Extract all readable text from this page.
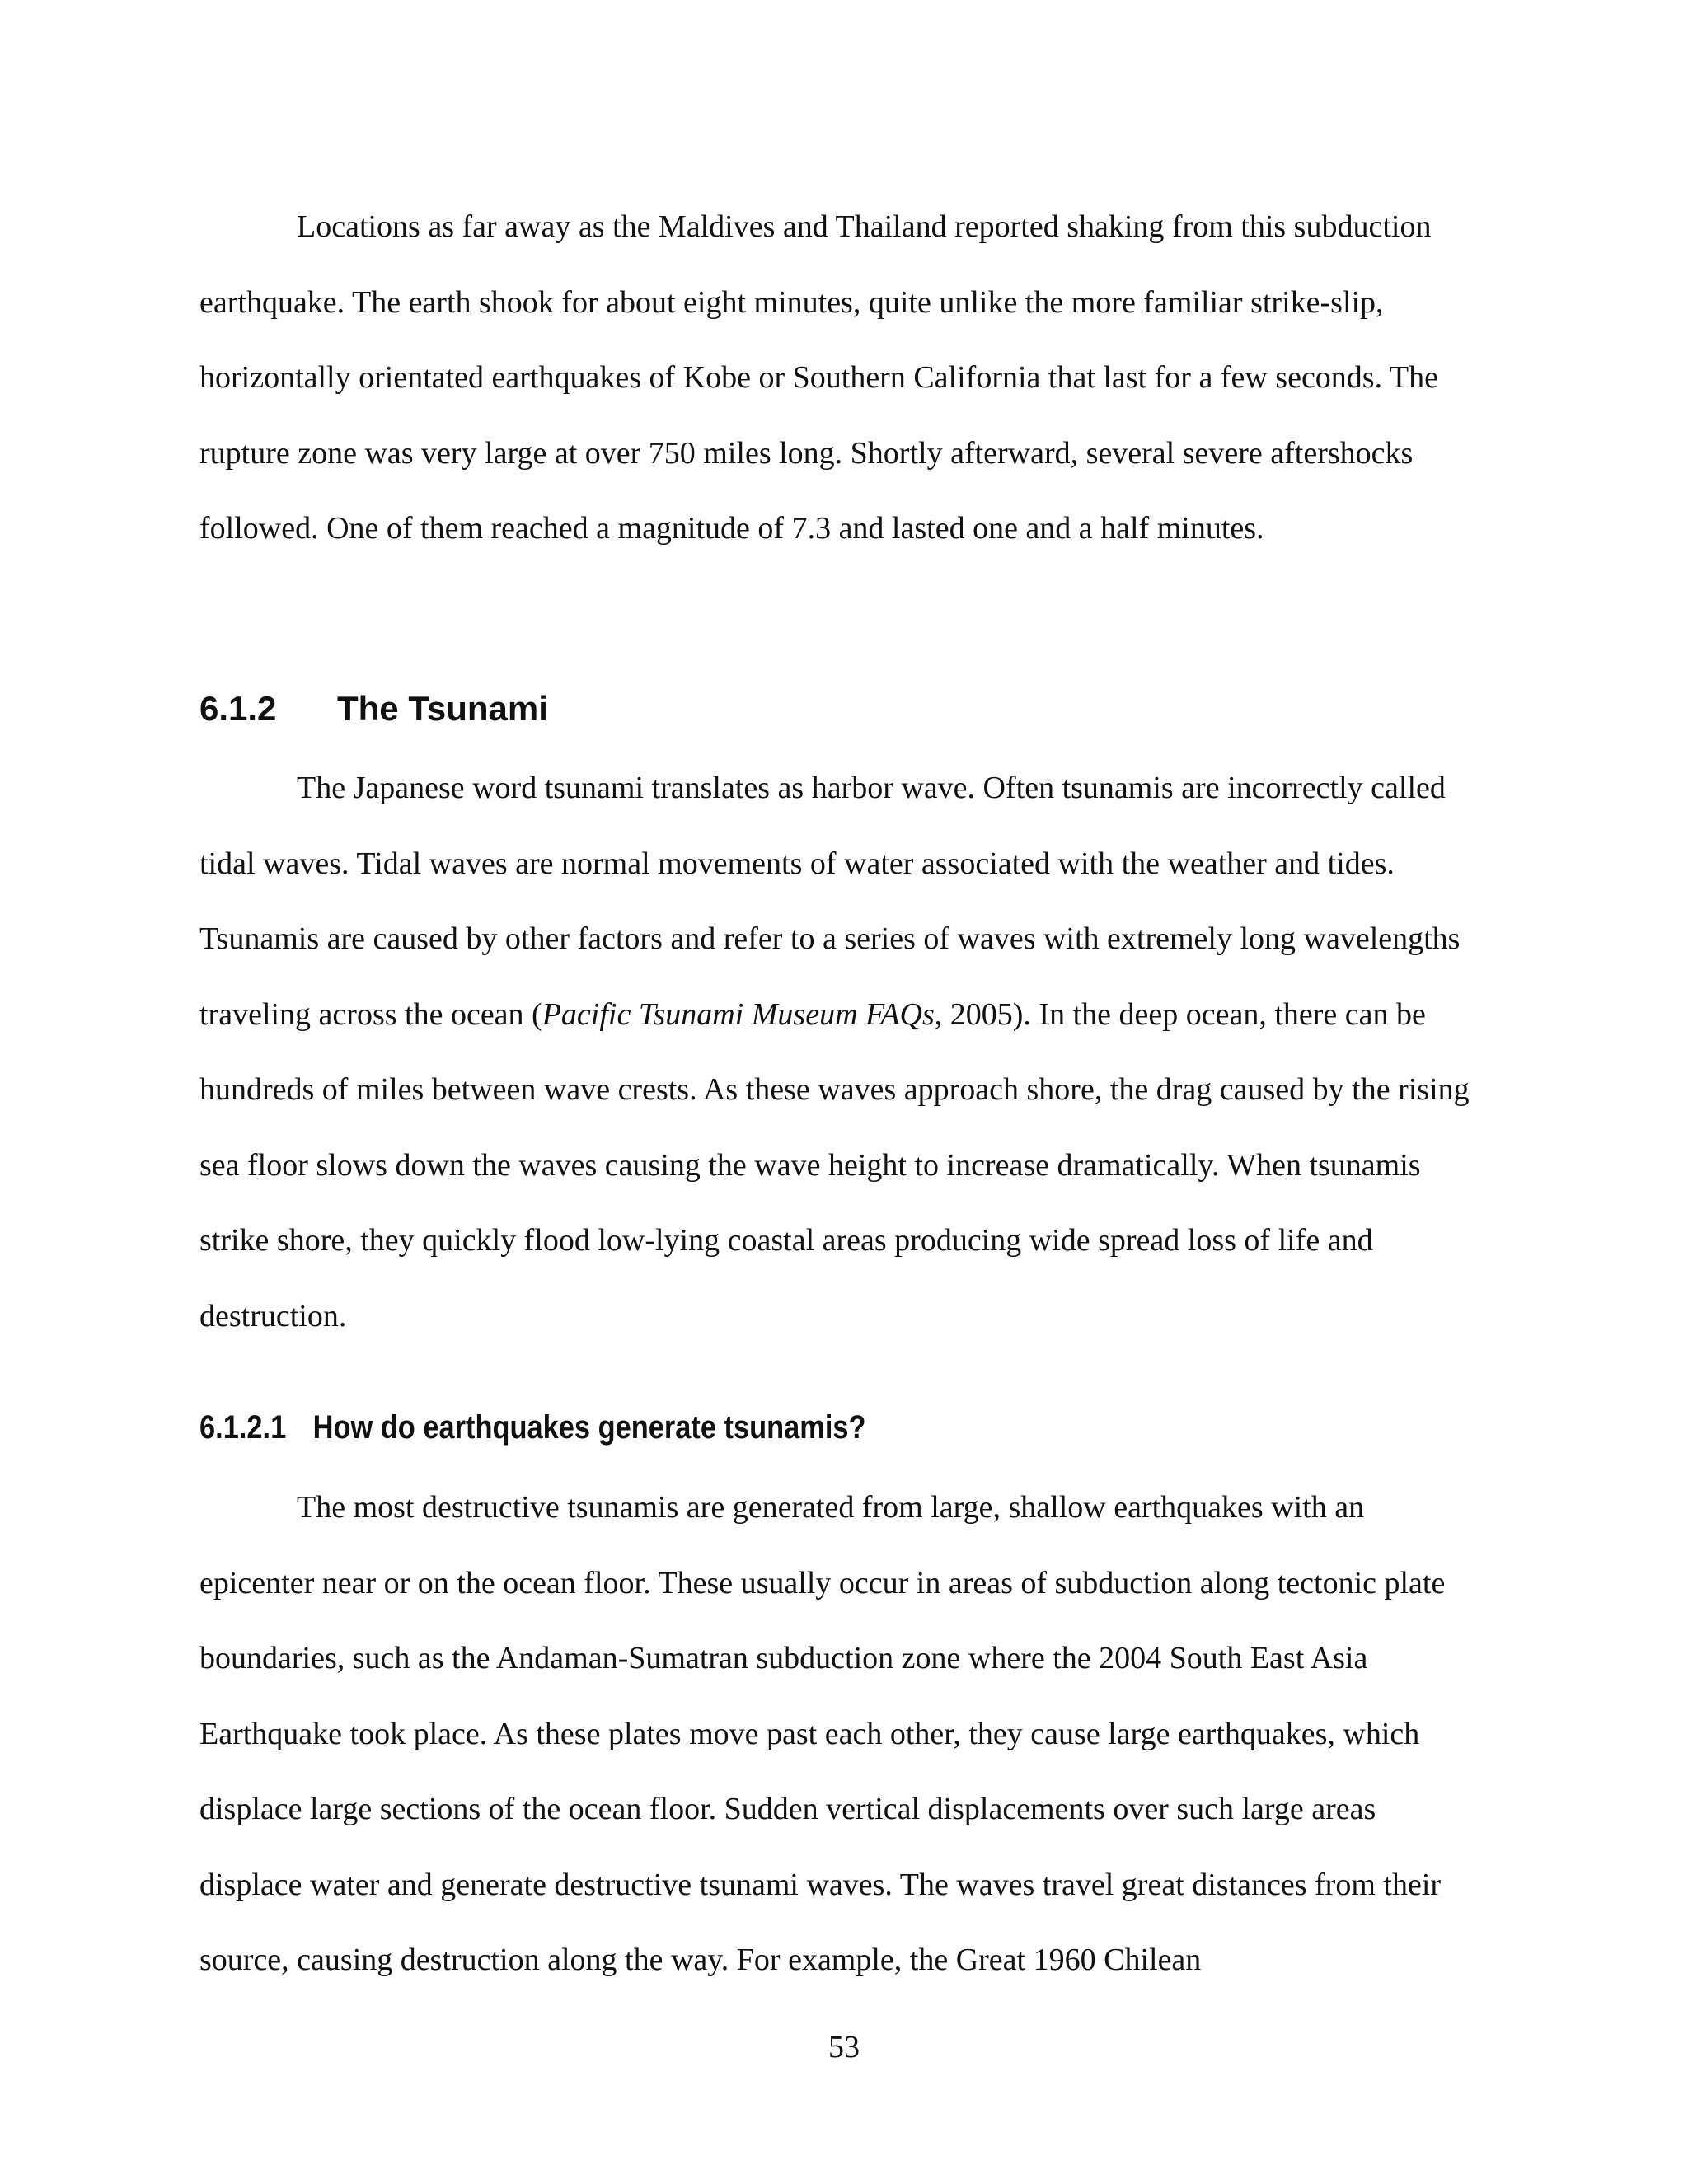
Locations as far away as the Maldives and Thailand reported shaking from this subduction earthquake. The earth shook for about eight minutes, quite unlike the more familiar strike-slip, horizontally orientated earthquakes of Kobe or Southern California that last for a few seconds. The rupture zone was very large at over 750 miles long. Shortly afterward, several severe aftershocks followed. One of them reached a magnitude of 7.3 and lasted one and a half minutes.

6.1.2 The Tsunami

The Japanese word tsunami translates as harbor wave. Often tsunamis are incorrectly called tidal waves. Tidal waves are normal movements of water associated with the weather and tides. Tsunamis are caused by other factors and refer to a series of waves with extremely long wavelengths traveling across the ocean (Pacific Tsunami Museum FAQs, 2005). In the deep ocean, there can be hundreds of miles between wave crests. As these waves approach shore, the drag caused by the rising sea floor slows down the waves causing the wave height to increase dramatically. When tsunamis strike shore, they quickly flood low-lying coastal areas producing wide spread loss of life and destruction.

6.1.2.1 How do earthquakes generate tsunamis?

The most destructive tsunamis are generated from large, shallow earthquakes with an epicenter near or on the ocean floor. These usually occur in areas of subduction along tectonic plate boundaries, such as the Andaman-Sumatran subduction zone where the 2004 South East Asia Earthquake took place. As these plates move past each other, they cause large earthquakes, which displace large sections of the ocean floor. Sudden vertical displacements over such large areas displace water and generate destructive tsunami waves. The waves travel great distances from their source, causing destruction along the way. For example, the Great 1960 Chilean

53
